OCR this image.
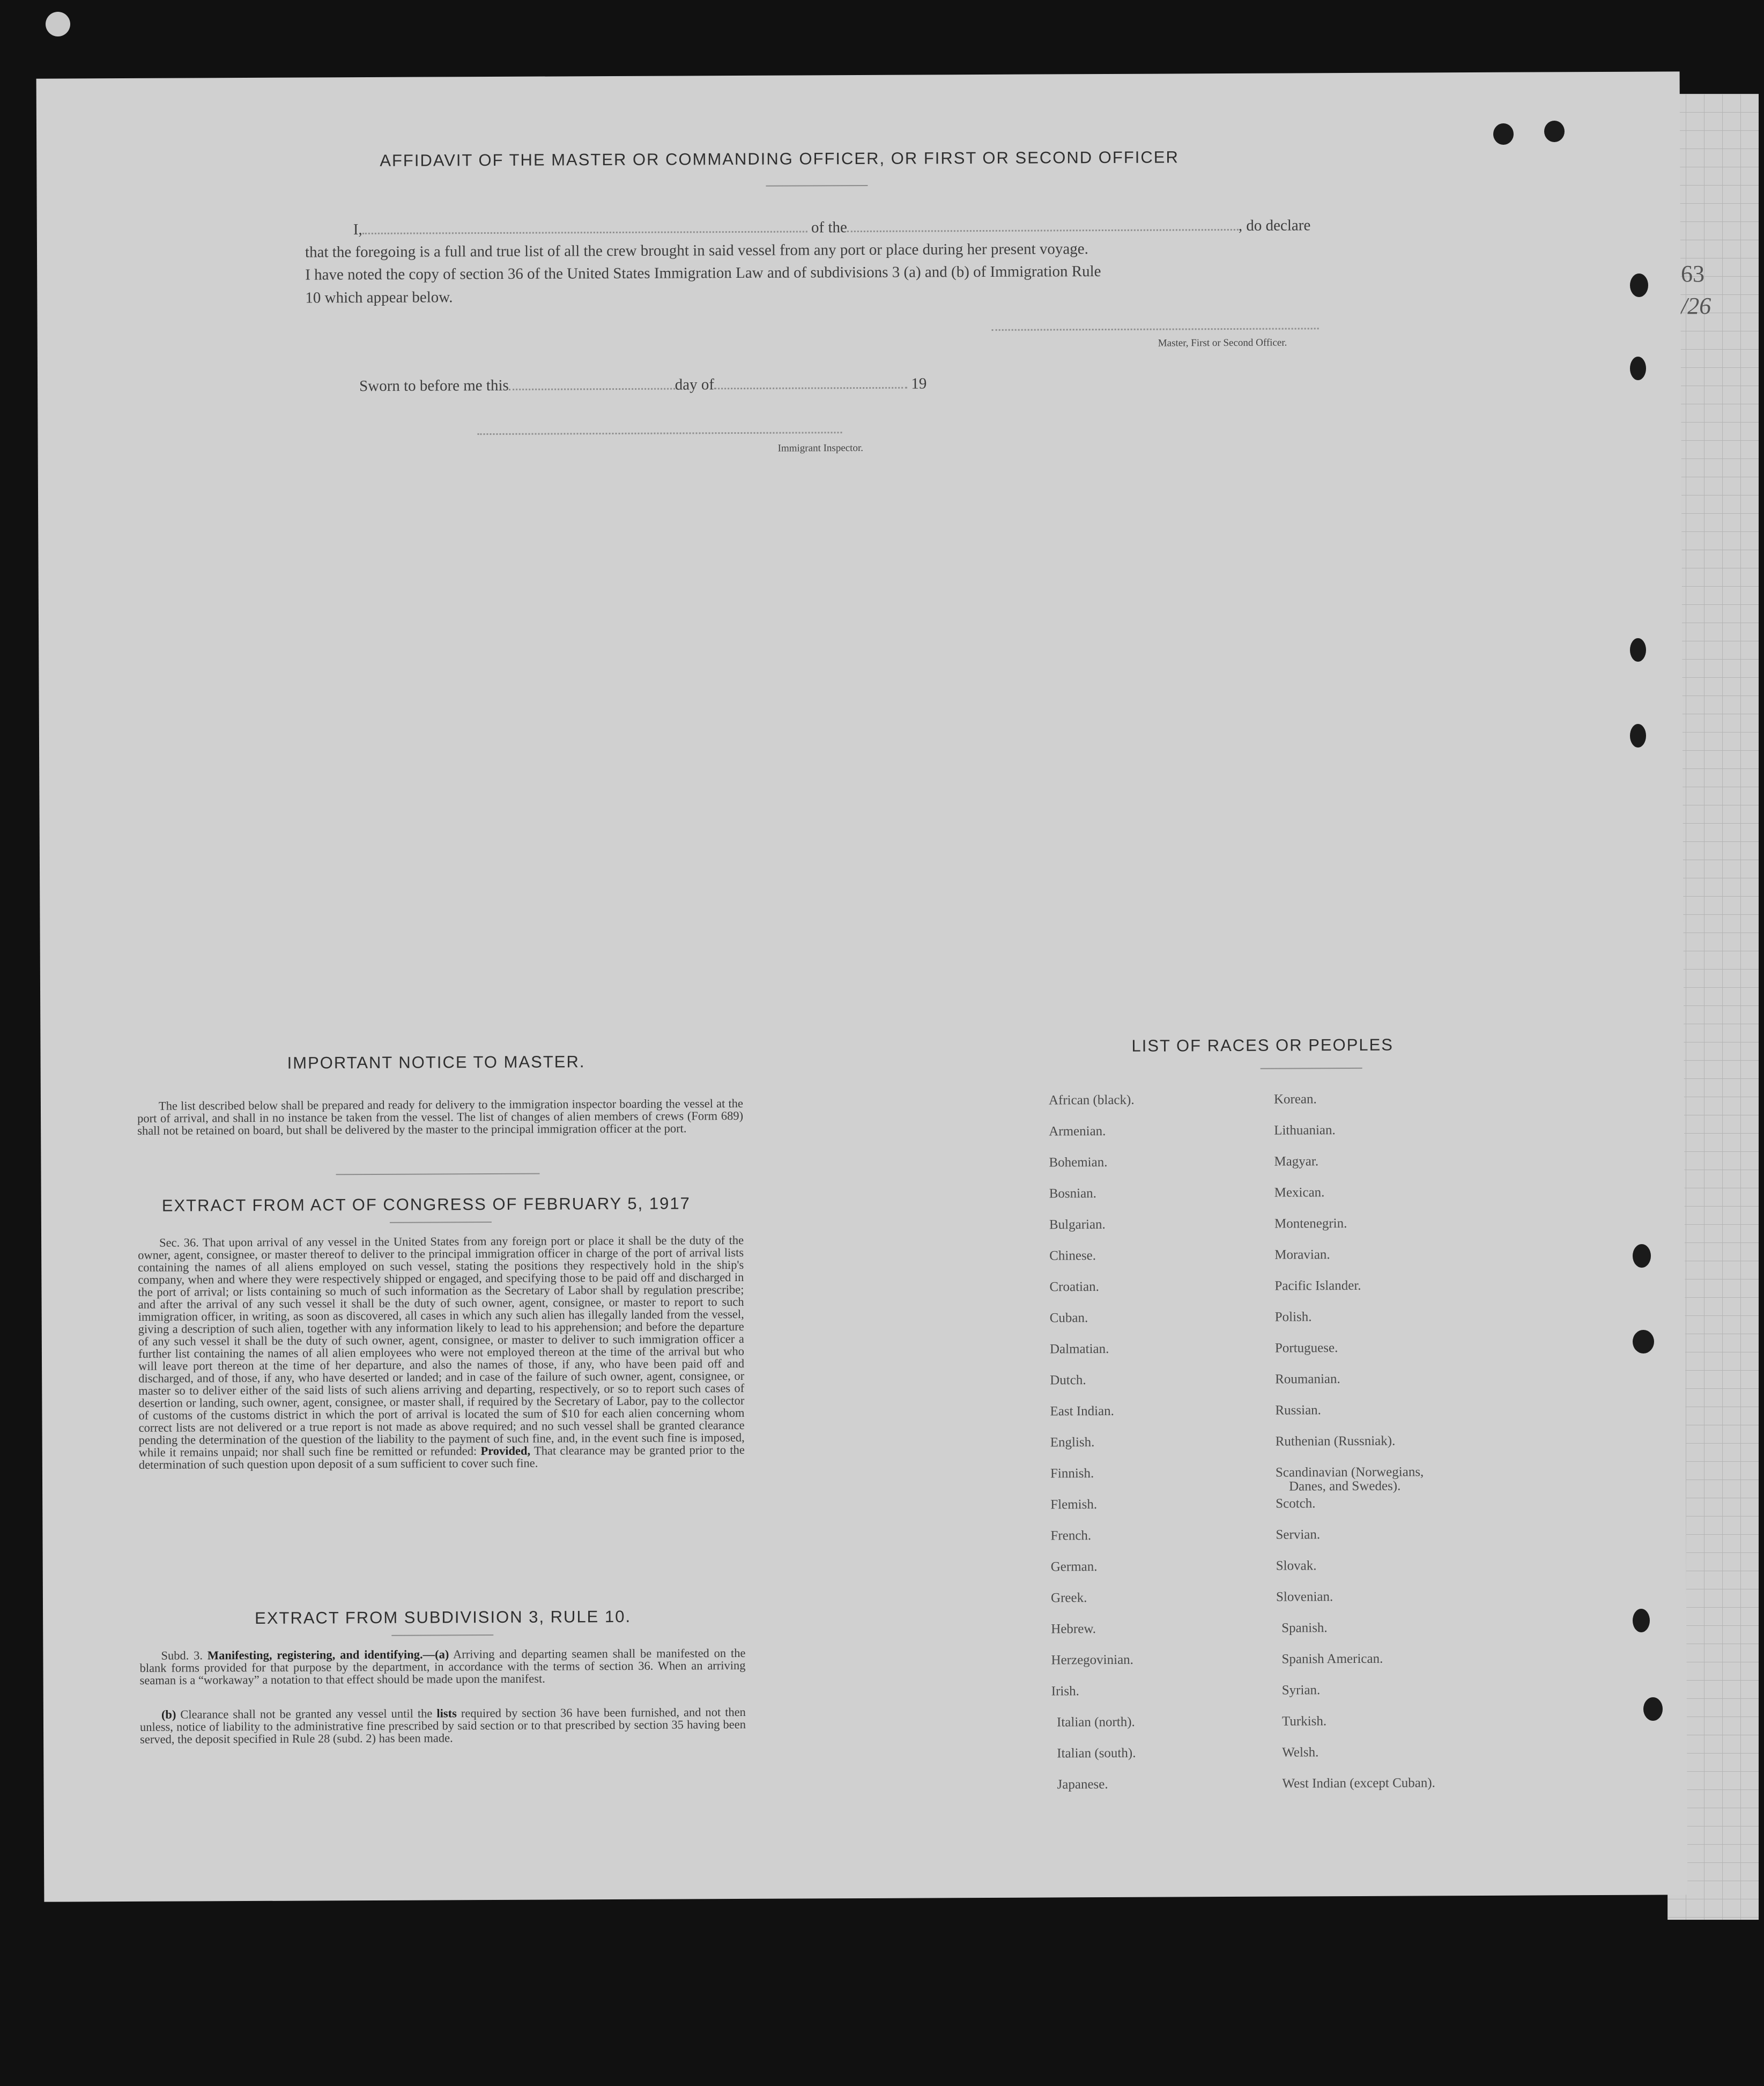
63
/26
AFFIDAVIT OF THE MASTER OR COMMANDING OFFICER, OR FIRST OR SECOND OFFICER
I,	of the	, do declare
that the foregoing is a full and true list of all the crew brought in said vessel from any port or place during her present voyage.
I have noted the copy of section 36 of the United States Immigration Law and of subdivisions 3 (a) and (b) of Immigration Rule
10 which appear below.
Master, First or Second Officer.
Sworn to before me this	day of	19
Immigrant Inspector.
IMPORTANT NOTICE TO MASTER.
The list described below shall be prepared and ready for delivery to the immigration inspector boarding the vessel at the port of arrival, and shall in no instance be taken from the vessel. The list of changes of alien members of crews (Form 689) shall not be retained on board, but shall be delivered by the master to the principal immigration officer at the port.
EXTRACT FROM ACT OF CONGRESS OF FEBRUARY 5, 1917
Sec. 36. That upon arrival of any vessel in the United States from any foreign port or place it shall be the duty of the owner, agent, consignee, or master thereof to deliver to the principal immigration officer in charge of the port of arrival lists containing the names of all aliens employed on such vessel, stating the positions they respectively hold in the ship's company, when and where they were respectively shipped or engaged, and specifying those to be paid off and discharged in the port of arrival; or lists containing so much of such information as the Secretary of Labor shall by regulation prescribe; and after the arrival of any such vessel it shall be the duty of such owner, agent, consignee, or master to report to such immigration officer, in writing, as soon as discovered, all cases in which any such alien has illegally landed from the vessel, giving a description of such alien, together with any information likely to lead to his apprehension; and before the departure of any such vessel it shall be the duty of such owner, agent, consignee, or master to deliver to such immigration officer a further list containing the names of all alien employees who were not employed thereon at the time of the arrival but who will leave port thereon at the time of her departure, and also the names of those, if any, who have been paid off and discharged, and of those, if any, who have deserted or landed; and in case of the failure of such owner, agent, consignee, or master so to deliver either of the said lists of such aliens arriving and departing, respectively, or so to report such cases of desertion or landing, such owner, agent, consignee, or master shall, if required by the Secretary of Labor, pay to the collector of customs of the customs district in which the port of arrival is located the sum of $10 for each alien concerning whom correct lists are not delivered or a true report is not made as above required; and no such vessel shall be granted clearance pending the determination of the question of the liability to the payment of such fine, and, in the event such fine is imposed, while it remains unpaid; nor shall such fine be remitted or refunded: Provided, That clearance may be granted prior to the determination of such question upon deposit of a sum sufficient to cover such fine.
EXTRACT FROM SUBDIVISION 3, RULE 10.
Subd. 3. Manifesting, registering, and identifying.—(a) Arriving and departing seamen shall be manifested on the blank forms provided for that purpose by the department, in accordance with the terms of section 36. When an arriving seaman is a “workaway” a notation to that effect should be made upon the manifest.
(b) Clearance shall not be granted any vessel until the lists required by section 36 have been furnished, and not then unless, notice of liability to the administrative fine prescribed by said section or to that prescribed by section 35 having been served, the deposit specified in Rule 28 (subd. 2) has been made.
LIST OF RACES OR PEOPLES
African (black).
Armenian.
Bohemian.
Bosnian.
Bulgarian.
Chinese.
Croatian.
Cuban.
Dalmatian.
Dutch.
East Indian.
English.
Finnish.
Flemish.
French.
German.
Greek.
Hebrew.
Herzegovinian.
Irish.
Italian (north).
Italian (south).
Japanese.
Korean.
Lithuanian.
Magyar.
Mexican.
Montenegrin.
Moravian.
Pacific Islander.
Polish.
Portuguese.
Roumanian.
Russian.
Ruthenian (Russniak).
Scandinavian (Norwegians,
Danes, and Swedes).
Scotch.
Servian.
Slovak.
Slovenian.
Spanish.
Spanish American.
Syrian.
Turkish.
Welsh.
West Indian (except Cuban).
